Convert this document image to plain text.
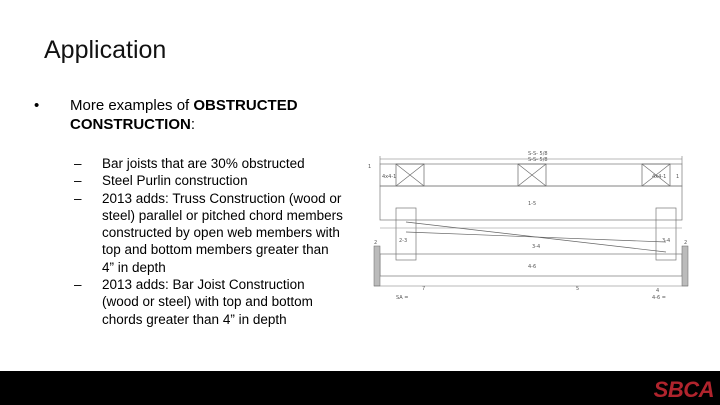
Application
• More examples of OBSTRUCTED CONSTRUCTION:
– Bar joists that are 30% obstructed
– Steel Purlin construction
– 2013 adds: Truss Construction (wood or steel) parallel or pitched chord members constructed by open web members with top and bottom members greater than 4” in depth
– 2013 adds: Bar Joist Construction (wood or steel) with top and bottom chords greater than 4” in depth
S-S- 5/8
S-S- 5/8
1
4x4-1	4x4-1 1
1-5
2-3	3-4
3-4
4-6
7	5
2	2
4
SA =	4-6 =
SBCA
